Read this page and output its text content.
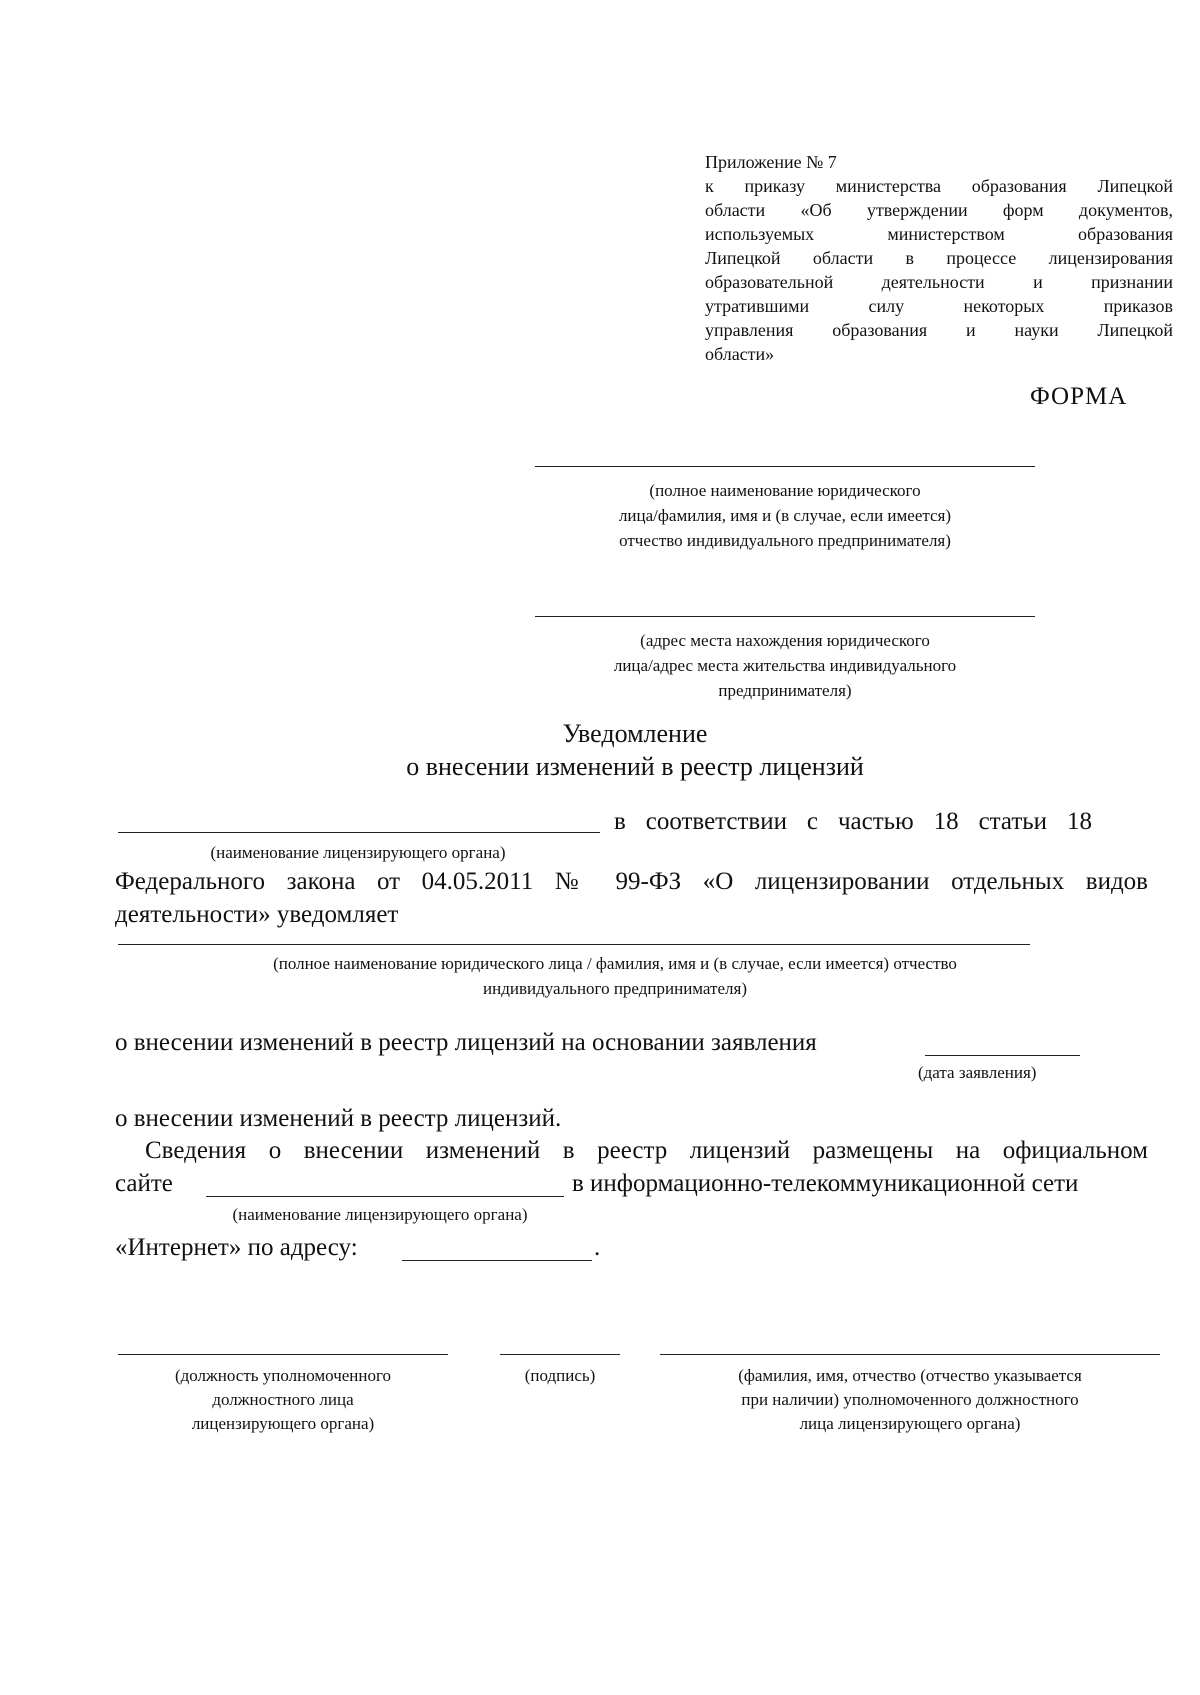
Приложение № 7
к приказу министерства образования Липецкой
области «Об утверждении форм документов,
используемых министерством образования
Липецкой области в процессе лицензирования
образовательной деятельности и признании
утратившими силу некоторых приказов
управления образования и науки Липецкой
области»
ФОРМА
(полное наименование юридического
лица/фамилия, имя и (в случае, если имеется)
отчество индивидуального предпринимателя)
(адрес места нахождения юридического
лица/адрес места жительства индивидуального
предпринимателя)
Уведомление
о внесении изменений в реестр лицензий
в соответствии с частью 18 статьи 18
(наименование лицензирующего органа)
Федерального закона от 04.05.2011 № 99-ФЗ «О лицензировании отдельных видов
деятельности» уведомляет
(полное наименование юридического лица / фамилия, имя и (в случае, если имеется) отчество
индивидуального предпринимателя)
о внесении изменений в реестр лицензий на основании заявления
(дата заявления)
о внесении изменений в реестр лицензий.
Сведения о внесении изменений в реестр лицензий размещены на официальном
сайте	в информационно-телекоммуникационной сети
(наименование лицензирующего органа)
«Интернет» по адресу:	.
(должность уполномоченного
должностного лица
лицензирующего органа)
(подпись)	(фамилия, имя, отчество (отчество указывается
при наличии) уполномоченного должностного
лица лицензирующего органа)
